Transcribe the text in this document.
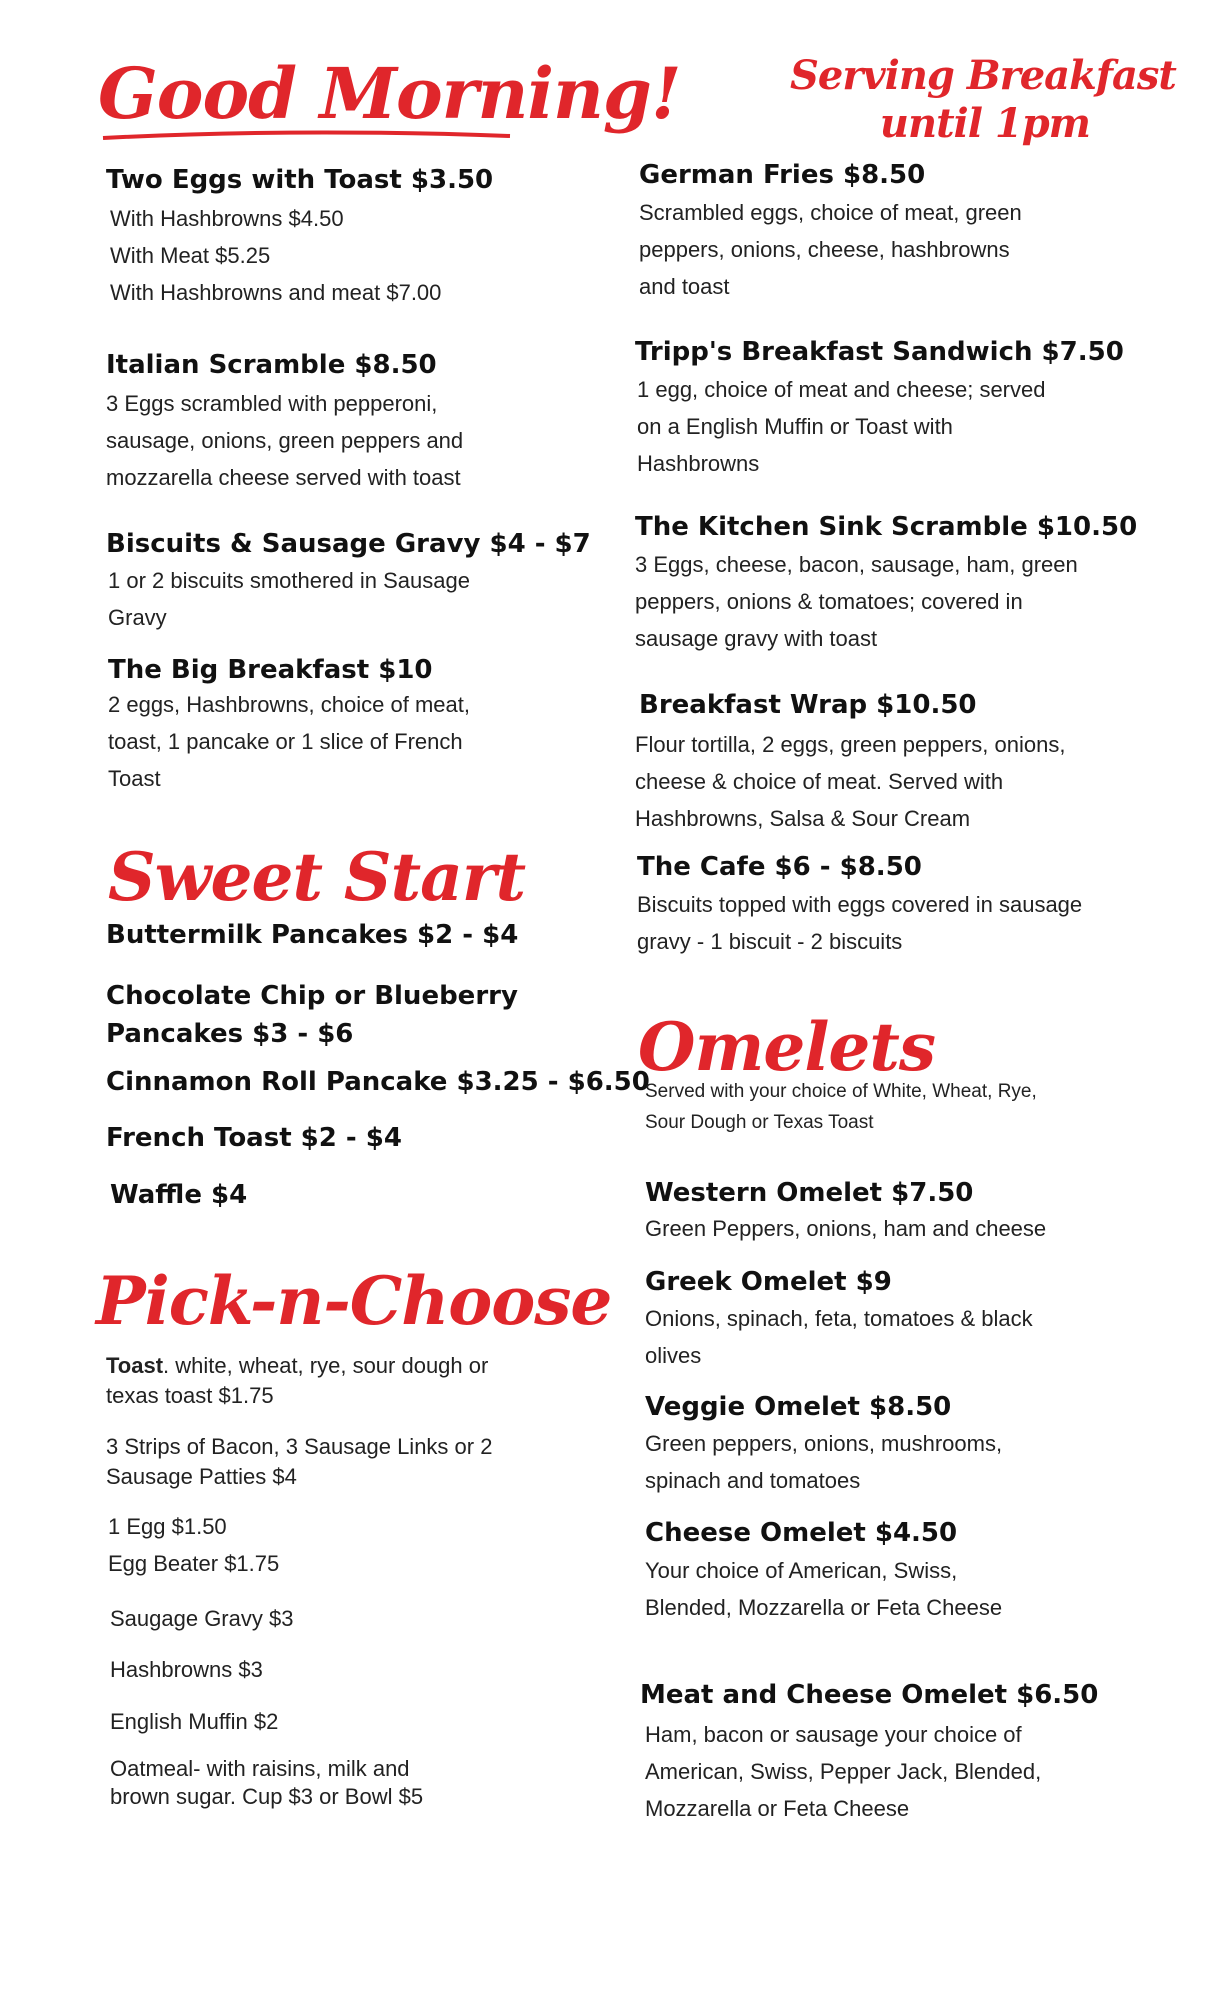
Good Morning!	Serving Breakfast
until 1pm
Sweet Start
Pick-n-Choose
Omelets
Two Eggs with Toast $3.50
With Hashbrowns $4.50
With Meat $5.25
With Hashbrowns and meat $7.00
Italian Scramble $8.50
3 Eggs scrambled with pepperoni,
sausage, onions, green peppers and
mozzarella cheese served with toast
Biscuits & Sausage Gravy $4 - $7
1 or 2 biscuits smothered in Sausage
Gravy
The Big Breakfast $10
2 eggs, Hashbrowns, choice of meat,
toast, 1 pancake or 1 slice of French
Toast
Buttermilk Pancakes $2 - $4
Chocolate Chip or Blueberry
Pancakes $3 - $6
Cinnamon Roll Pancake $3.25 - $6.50
French Toast $2 - $4
Waffle $4
Toast. white, wheat, rye, sour dough or
texas toast $1.75
3 Strips of Bacon, 3 Sausage Links or 2
Sausage Patties $4
1 Egg $1.50
Egg Beater $1.75
Saugage Gravy $3
Hashbrowns $3
English Muffin $2
Oatmeal- with raisins, milk and
brown sugar. Cup $3 or Bowl $5
German Fries $8.50
Scrambled eggs, choice of meat, green
peppers, onions, cheese, hashbrowns
and toast
Tripp's Breakfast Sandwich $7.50
1 egg, choice of meat and cheese; served
on a English Muffin or Toast with
Hashbrowns
The Kitchen Sink Scramble $10.50
3 Eggs, cheese, bacon, sausage, ham, green
peppers, onions & tomatoes; covered in
sausage gravy with toast
Breakfast Wrap $10.50
Flour tortilla, 2 eggs, green peppers, onions,
cheese & choice of meat. Served with
Hashbrowns, Salsa & Sour Cream
The Cafe $6 - $8.50
Biscuits topped with eggs covered in sausage
gravy - 1 biscuit - 2 biscuits
Served with your choice of White, Wheat, Rye,
Sour Dough or Texas Toast
Western Omelet $7.50
Green Peppers, onions, ham and cheese
Greek Omelet $9
Onions, spinach, feta, tomatoes & black
olives
Veggie Omelet $8.50
Green peppers, onions, mushrooms,
spinach and tomatoes
Cheese Omelet $4.50
Your choice of American, Swiss,
Blended, Mozzarella or Feta Cheese
Meat and Cheese Omelet $6.50
Ham, bacon or sausage your choice of
American, Swiss, Pepper Jack, Blended,
Mozzarella or Feta Cheese
